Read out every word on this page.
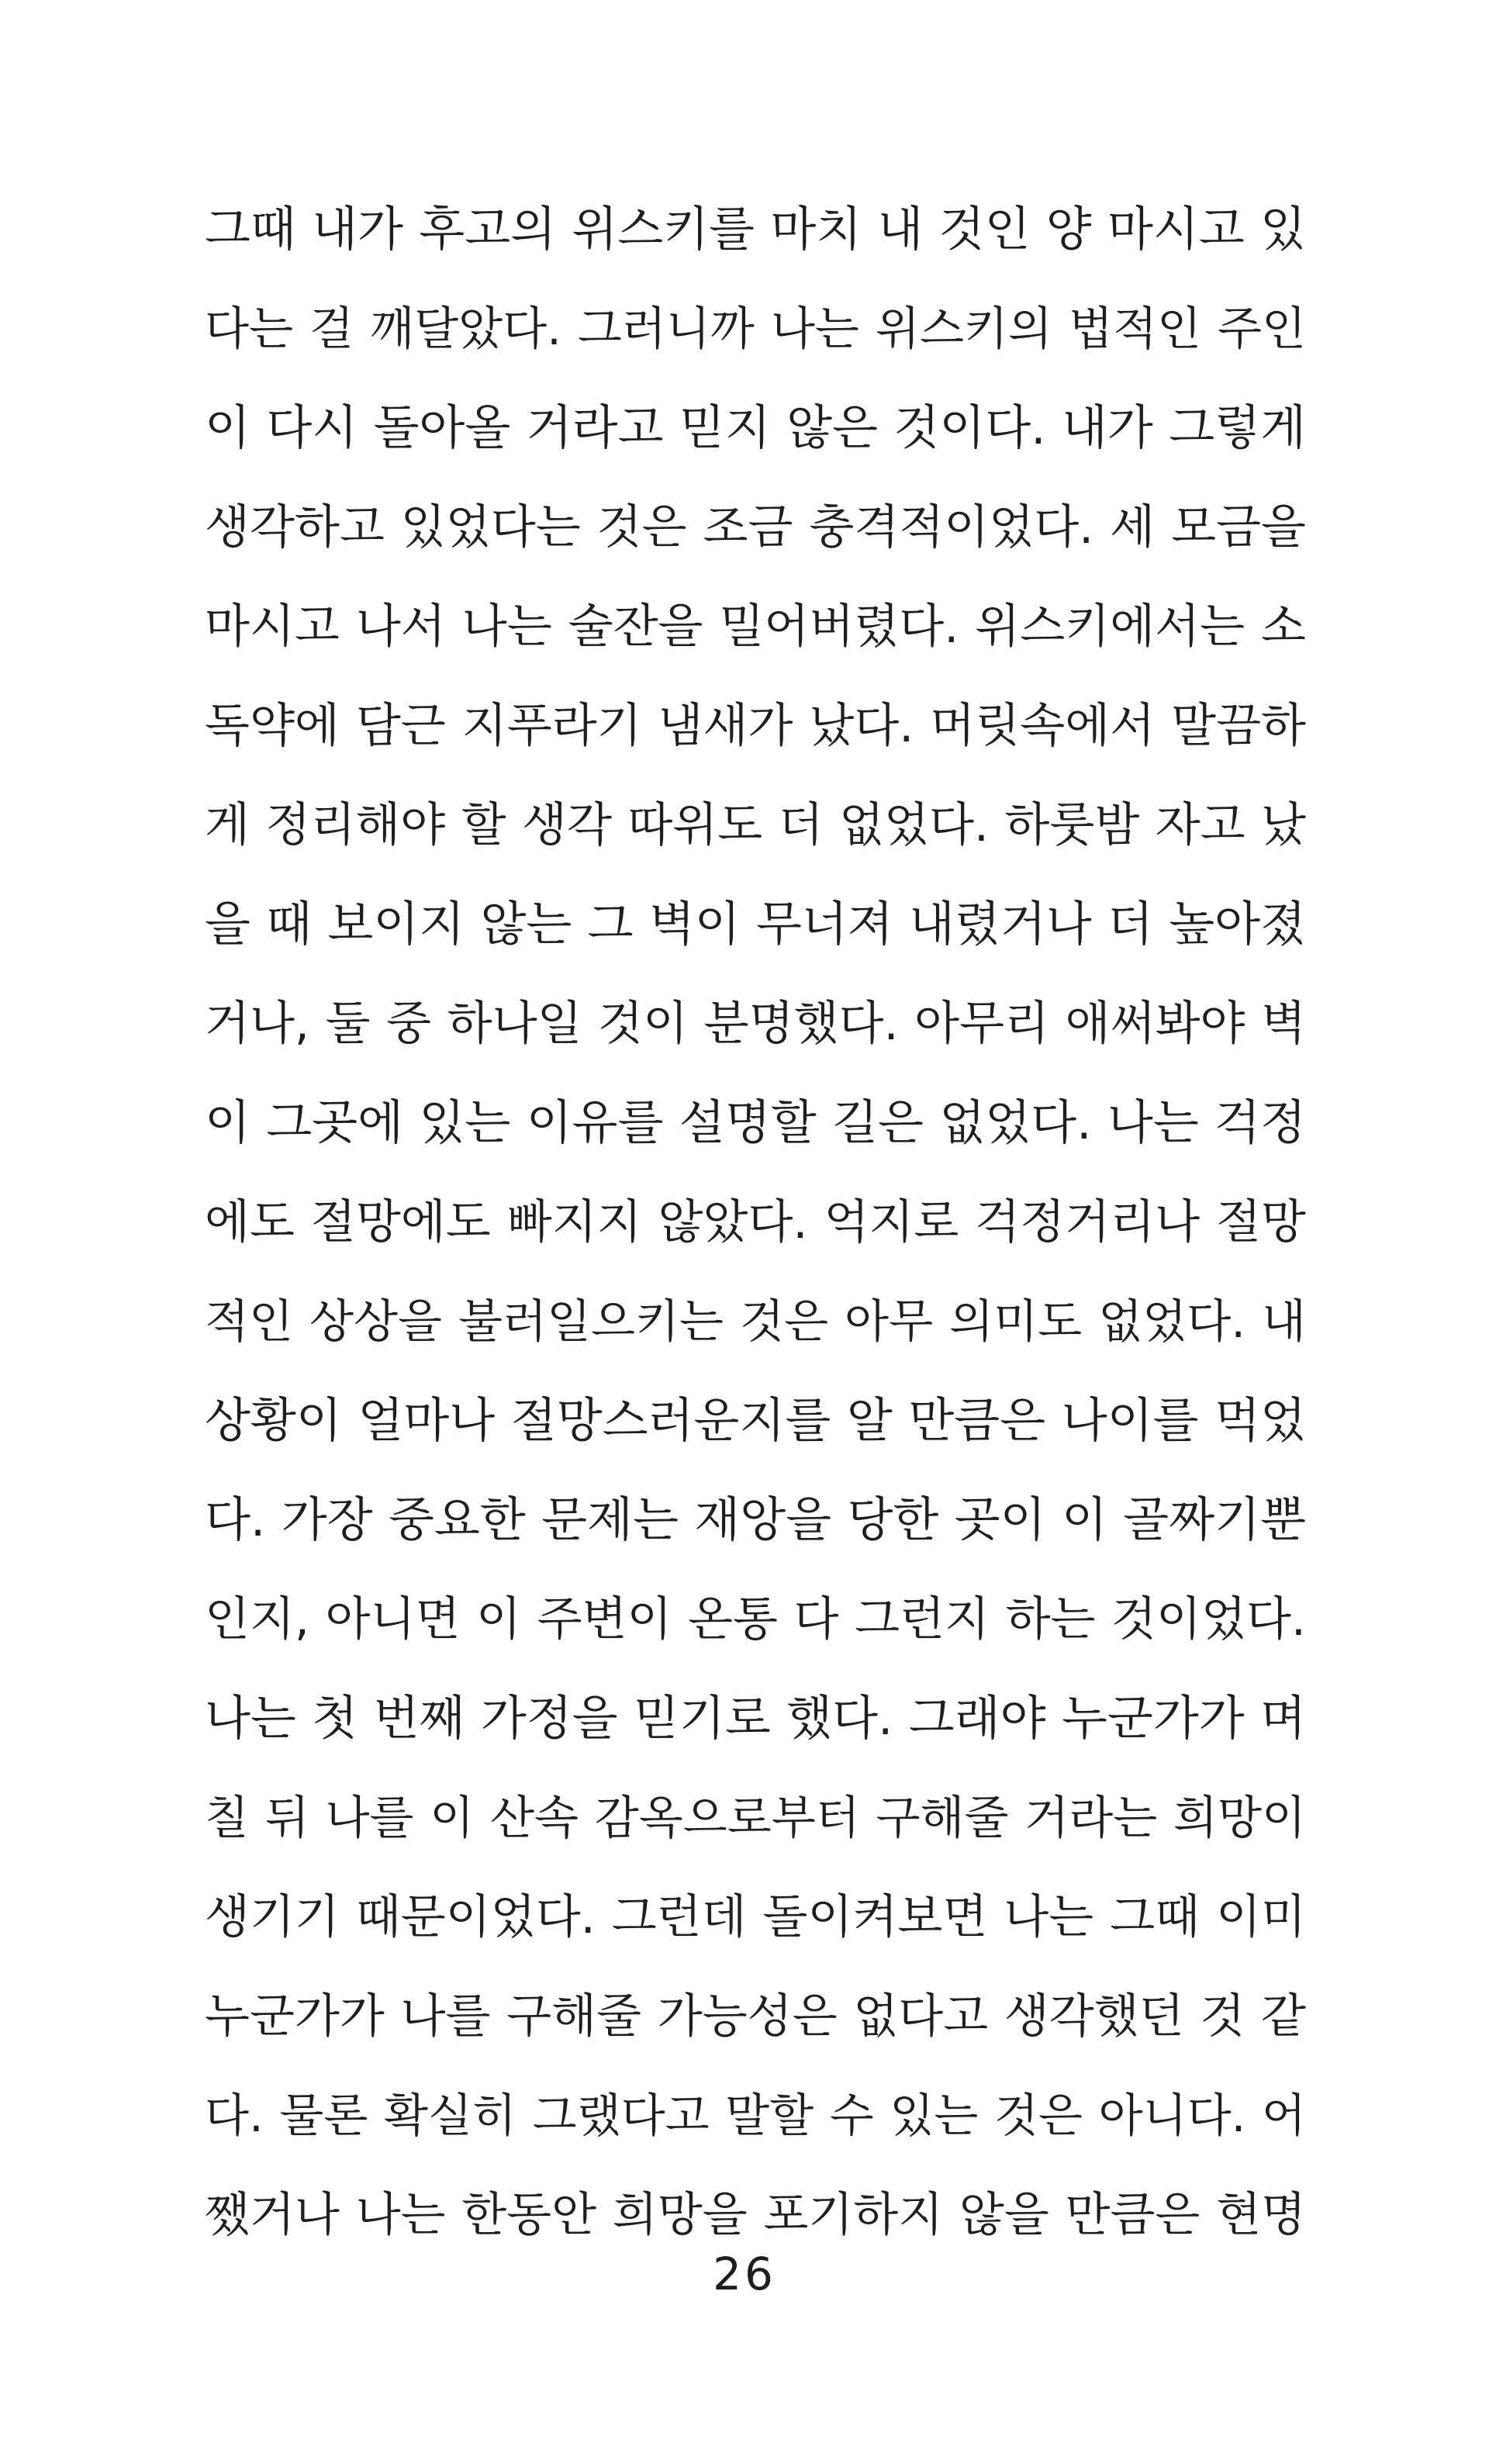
그때 내가 후고의 위스키를 마치 내 것인 양 마시고 있
다는 걸 깨달았다. 그러니까 나는 위스키의 법적인 주인
이 다시 돌아올 거라고 믿지 않은 것이다. 내가 그렇게
생각하고 있었다는 것은 조금 충격적이었다. 세 모금을
마시고 나서 나는 술잔을 밀어버렸다. 위스키에서는 소
독약에 담근 지푸라기 냄새가 났다. 머릿속에서 말끔하
게 정리해야 할 생각 따위도 더 없었다. 하룻밤 자고 났
을 때 보이지 않는 그 벽이 무너져 내렸거나 더 높아졌
거나, 둘 중 하나일 것이 분명했다. 아무리 애써봐야 벽
이 그곳에 있는 이유를 설명할 길은 없었다. 나는 걱정
에도 절망에도 빠지지 않았다. 억지로 걱정거리나 절망
적인 상상을 불러일으키는 것은 아무 의미도 없었다. 내
상황이 얼마나 절망스러운지를 알 만큼은 나이를 먹었
다. 가장 중요한 문제는 재앙을 당한 곳이 이 골짜기뿐
인지, 아니면 이 주변이 온통 다 그런지 하는 것이었다.
나는 첫 번째 가정을 믿기로 했다. 그래야 누군가가 며
칠 뒤 나를 이 산속 감옥으로부터 구해줄 거라는 희망이
생기기 때문이었다. 그런데 돌이켜보면 나는 그때 이미
누군가가 나를 구해줄 가능성은 없다고 생각했던 것 같
다. 물론 확실히 그랬다고 말할 수 있는 것은 아니다. 어
쨌거나 나는 한동안 희망을 포기하지 않을 만큼은 현명
26
